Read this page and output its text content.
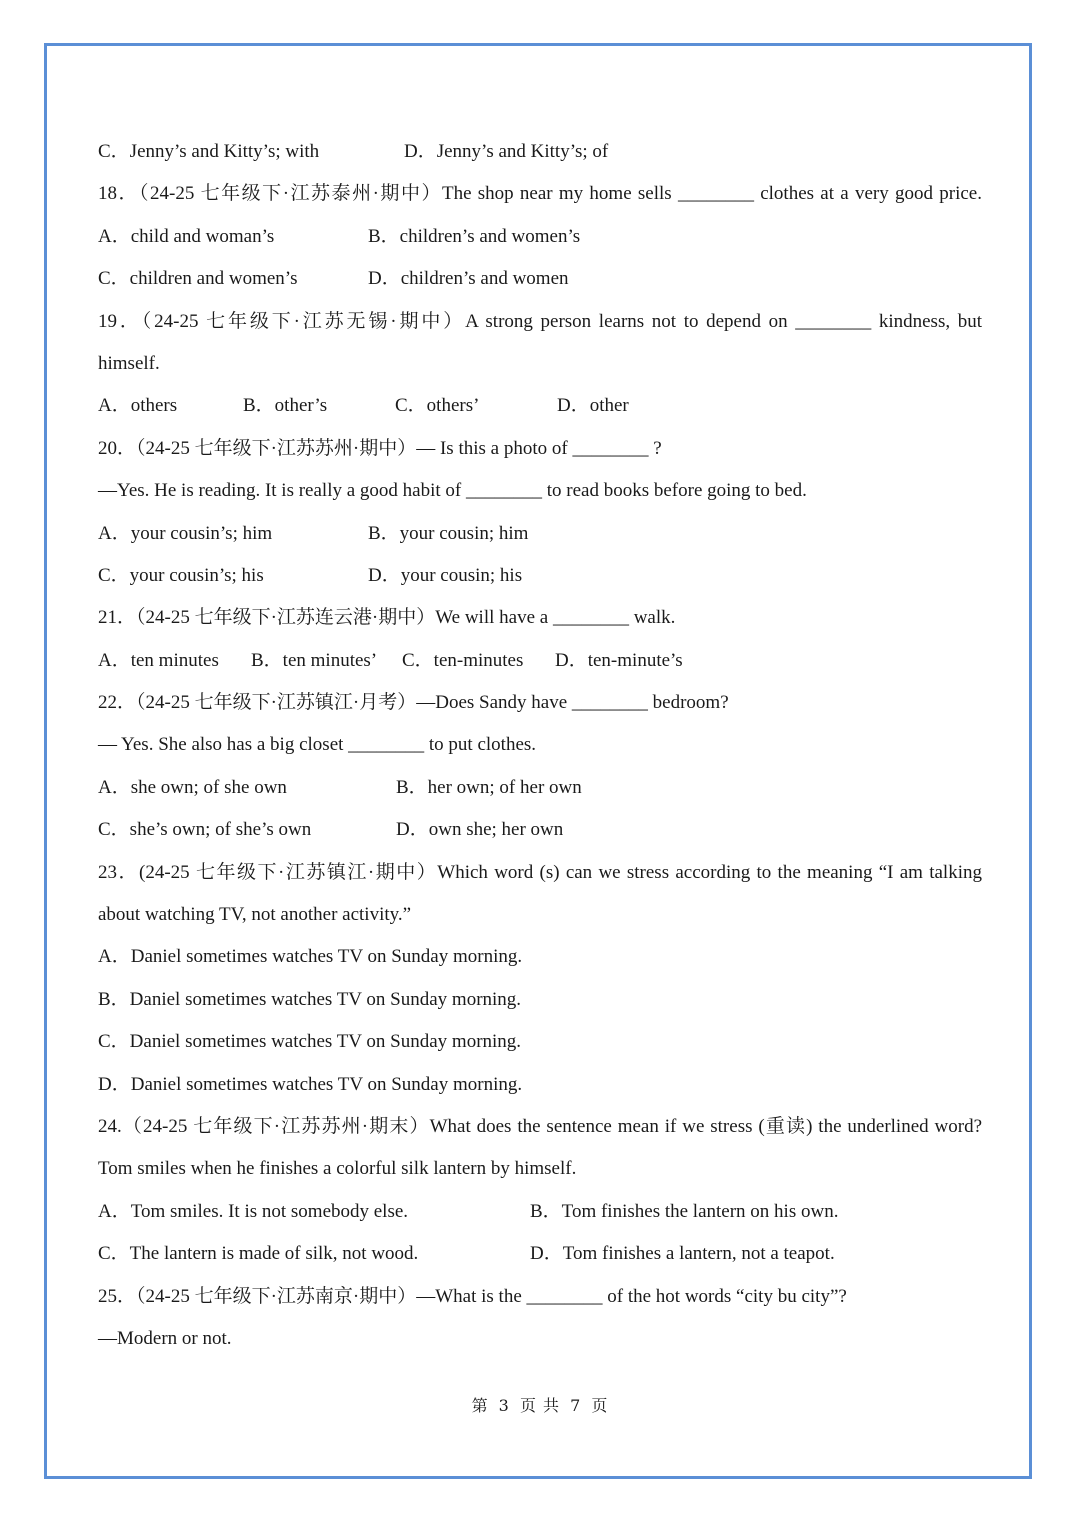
C．Jenny’s and Kitty’s; with	D．Jenny’s and Kitty’s; of
18．（24-25 七年级下·江苏泰州·期中）The shop near my home sells ________ clothes at a very good price.
A．child and woman’s	B．children’s and women’s
C．children and women’s	D．children’s and women
19．（24-25 七年级下·江苏无锡·期中）A strong person learns not to depend on ________ kindness, but
himself.
A．others	B．other’s	C．others’	D．other
20．（24-25 七年级下·江苏苏州·期中）— Is this a photo of ________ ?
—Yes. He is reading. It is really a good habit of ________ to read books before going to bed.
A．your cousin’s; him	B．your cousin; him
C．your cousin’s; his	D．your cousin; his
21．（24-25 七年级下·江苏连云港·期中）We will have a ________ walk.
A．ten minutes B．ten minutes’ C．ten-minutes D．ten-minute’s
22．（24-25 七年级下·江苏镇江·月考）—Does Sandy have ________ bedroom?
— Yes. She also has a big closet ________ to put clothes.
A．she own; of she own	B．her own; of her own
C．she’s own; of she’s own	D．own she; her own
23．(24-25 七年级下·江苏镇江·期中）Which word (s) can we stress according to the meaning “I am talking
about watching TV, not another activity.”
A．Daniel sometimes watches TV on Sunday morning.
B．Daniel sometimes watches TV on Sunday morning.
C．Daniel sometimes watches TV on Sunday morning.
D．Daniel sometimes watches TV on Sunday morning.
24.（24-25 七年级下·江苏苏州·期末）What does the sentence mean if we stress (重读) the underlined word?
Tom smiles when he finishes a colorful silk lantern by himself.
A．Tom smiles. It is not somebody else.	B．Tom finishes the lantern on his own.
C．The lantern is made of silk, not wood.	D．Tom finishes a lantern, not a teapot.
25．（24-25 七年级下·江苏南京·期中）—What is the ________ of the hot words “city bu city”?
—Modern or not.
第 3 页 共 7 页
